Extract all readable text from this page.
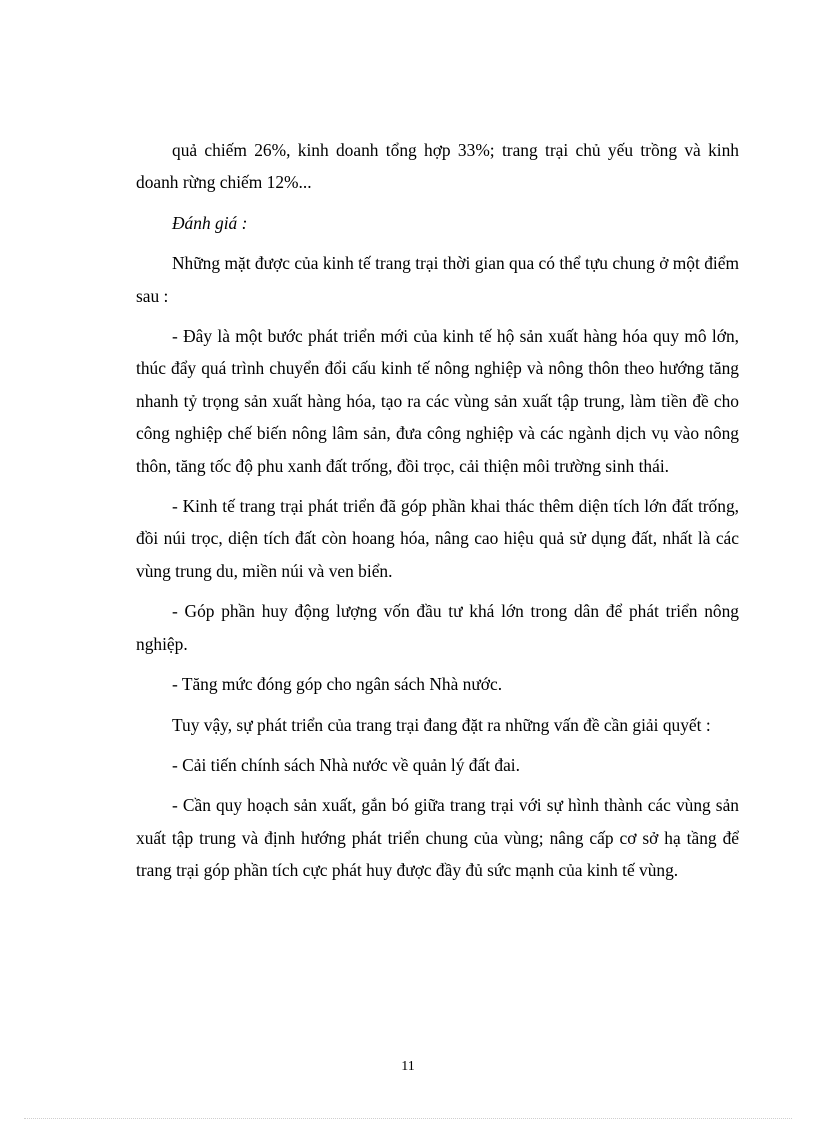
quả chiếm 26%, kinh doanh tổng hợp 33%; trang trại chủ yếu trồng và kinh doanh rừng chiếm 12%...

Đánh giá :

Những mặt được của kinh tế trang trại thời gian qua có thể tựu chung ở một điểm sau :

- Đây là một bước phát triển mới của kinh tế hộ sản xuất hàng hóa quy mô lớn, thúc đẩy quá trình chuyển đổi cấu kinh tế nông nghiệp và nông thôn theo hướng tăng nhanh tỷ trọng sản xuất hàng hóa, tạo ra các vùng sản xuất tập trung, làm tiền đề cho công nghiệp chế biến nông lâm sản, đưa công nghiệp và các ngành dịch vụ vào nông thôn, tăng tốc độ phu xanh đất trống, đồi trọc, cải thiện môi trường sinh thái.

- Kinh tế trang trại phát triển đã góp phần khai thác thêm diện tích lớn đất trống, đồi núi trọc, diện tích đất còn hoang hóa, nâng cao hiệu quả sử dụng đất, nhất là các vùng trung du, miền núi và ven biển.

- Góp phần huy động lượng vốn đầu tư khá lớn trong dân để phát triển nông nghiệp.

- Tăng mức đóng góp cho ngân sách Nhà nước.

Tuy vậy, sự phát triển của trang trại đang đặt ra những vấn đề cần giải quyết :

- Cải tiến chính sách Nhà nước về quản lý đất đai.

- Cần quy hoạch sản xuất, gắn bó giữa trang trại với sự hình thành các vùng sản xuất tập trung và định hướng phát triển chung của vùng; nâng cấp cơ sở hạ tầng để trang trại góp phần tích cực phát huy được đầy đủ sức mạnh của kinh tế vùng.

11
